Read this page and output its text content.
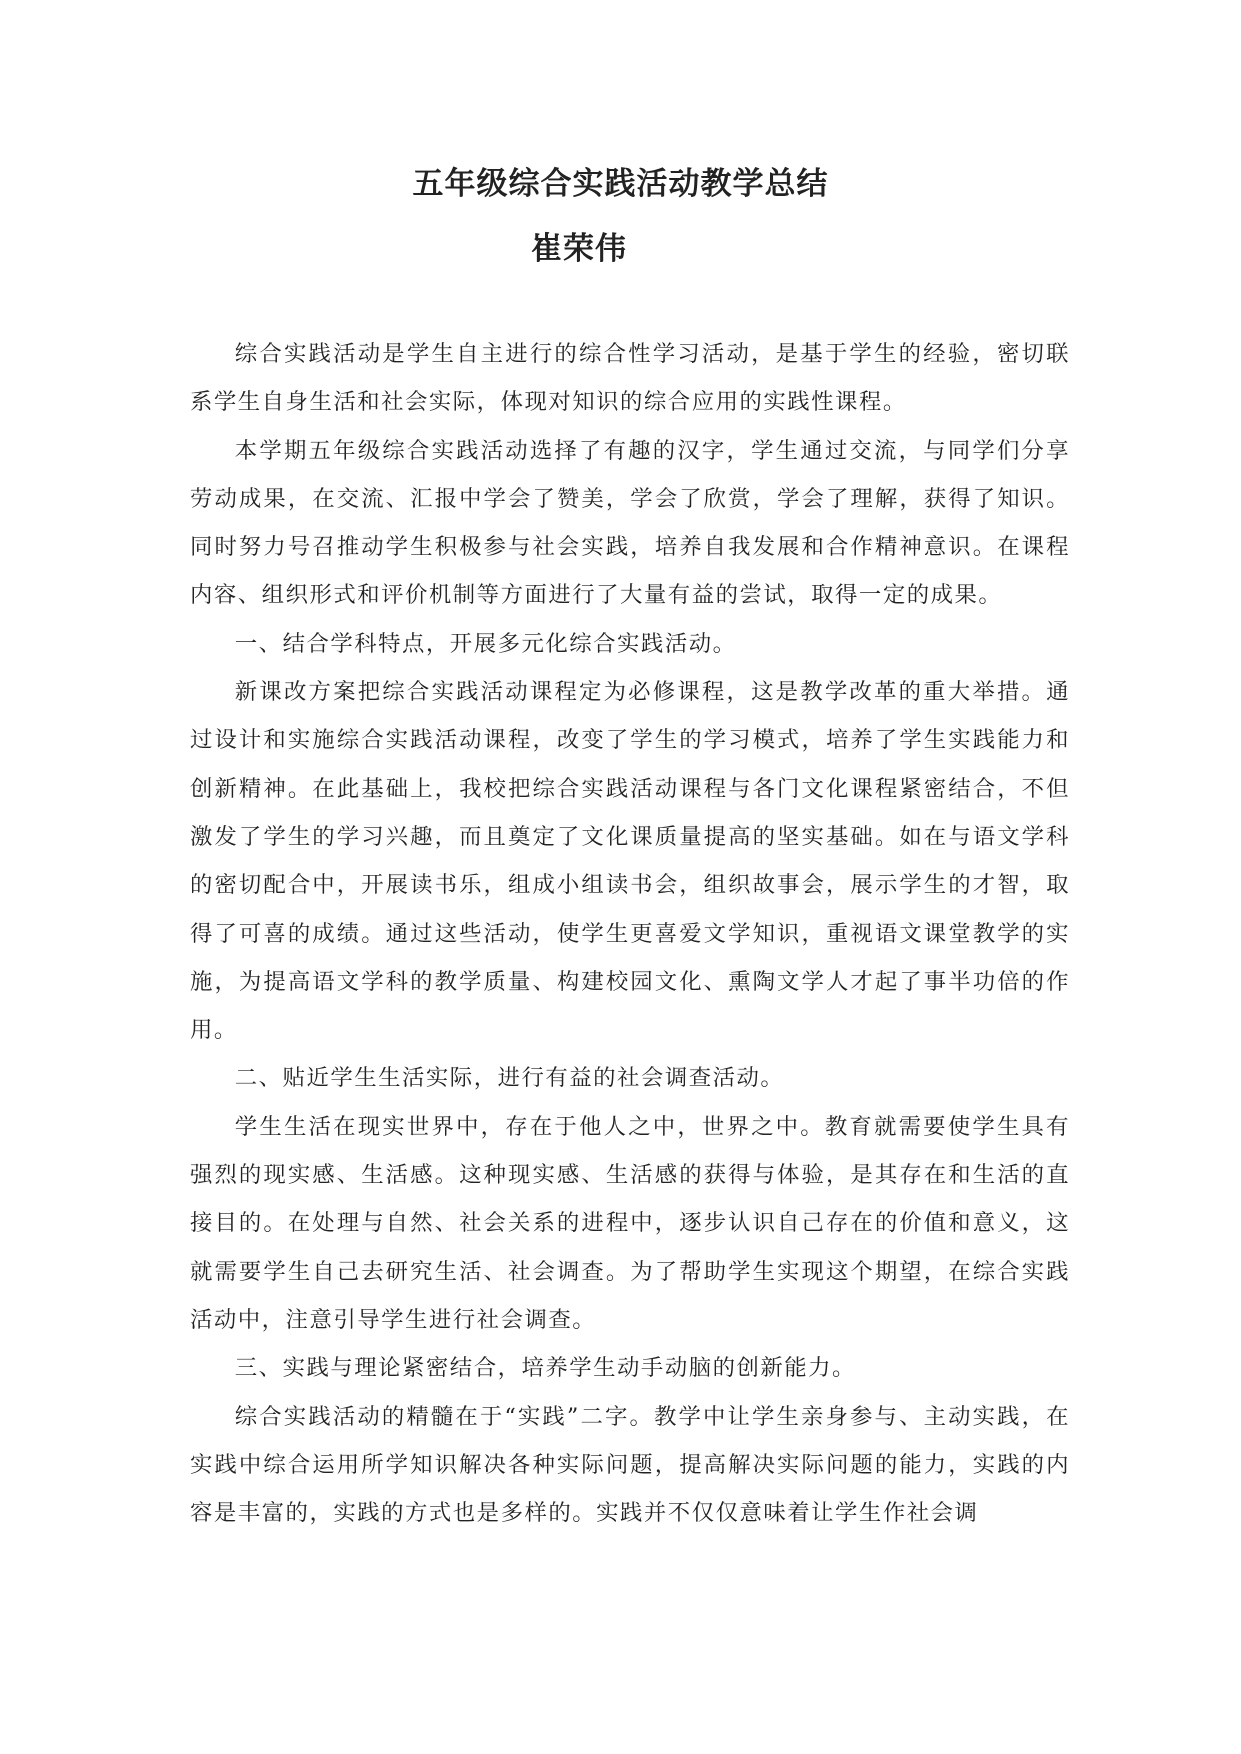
五年级综合实践活动教学总结
崔荣伟

综合实践活动是学生自主进行的综合性学习活动，是基于学生的经验，密切联系学生自身生活和社会实际，体现对知识的综合应用的实践性课程。

本学期五年级综合实践活动选择了有趣的汉字，学生通过交流，与同学们分享劳动成果，在交流、汇报中学会了赞美，学会了欣赏，学会了理解，获得了知识。同时努力号召推动学生积极参与社会实践，培养自我发展和合作精神意识。在课程内容、组织形式和评价机制等方面进行了大量有益的尝试，取得一定的成果。

一、结合学科特点，开展多元化综合实践活动。

新课改方案把综合实践活动课程定为必修课程，这是教学改革的重大举措。通过设计和实施综合实践活动课程，改变了学生的学习模式，培养了学生实践能力和创新精神。在此基础上，我校把综合实践活动课程与各门文化课程紧密结合，不但激发了学生的学习兴趣，而且奠定了文化课质量提高的坚实基础。如在与语文学科的密切配合中，开展读书乐，组成小组读书会，组织故事会，展示学生的才智，取得了可喜的成绩。通过这些活动，使学生更喜爱文学知识，重视语文课堂教学的实施，为提高语文学科的教学质量、构建校园文化、熏陶文学人才起了事半功倍的作用。

二、贴近学生生活实际，进行有益的社会调查活动。

学生生活在现实世界中，存在于他人之中，世界之中。教育就需要使学生具有强烈的现实感、生活感。这种现实感、生活感的获得与体验，是其存在和生活的直接目的。在处理与自然、社会关系的进程中，逐步认识自己存在的价值和意义，这就需要学生自己去研究生活、社会调查。为了帮助学生实现这个期望，在综合实践活动中，注意引导学生进行社会调查。

三、实践与理论紧密结合，培养学生动手动脑的创新能力。

综合实践活动的精髓在于“实践”二字。教学中让学生亲身参与、主动实践，在实践中综合运用所学知识解决各种实际问题，提高解决实际问题的能力，实践的内容是丰富的，实践的方式也是多样的。实践并不仅仅意味着让学生作社会调
